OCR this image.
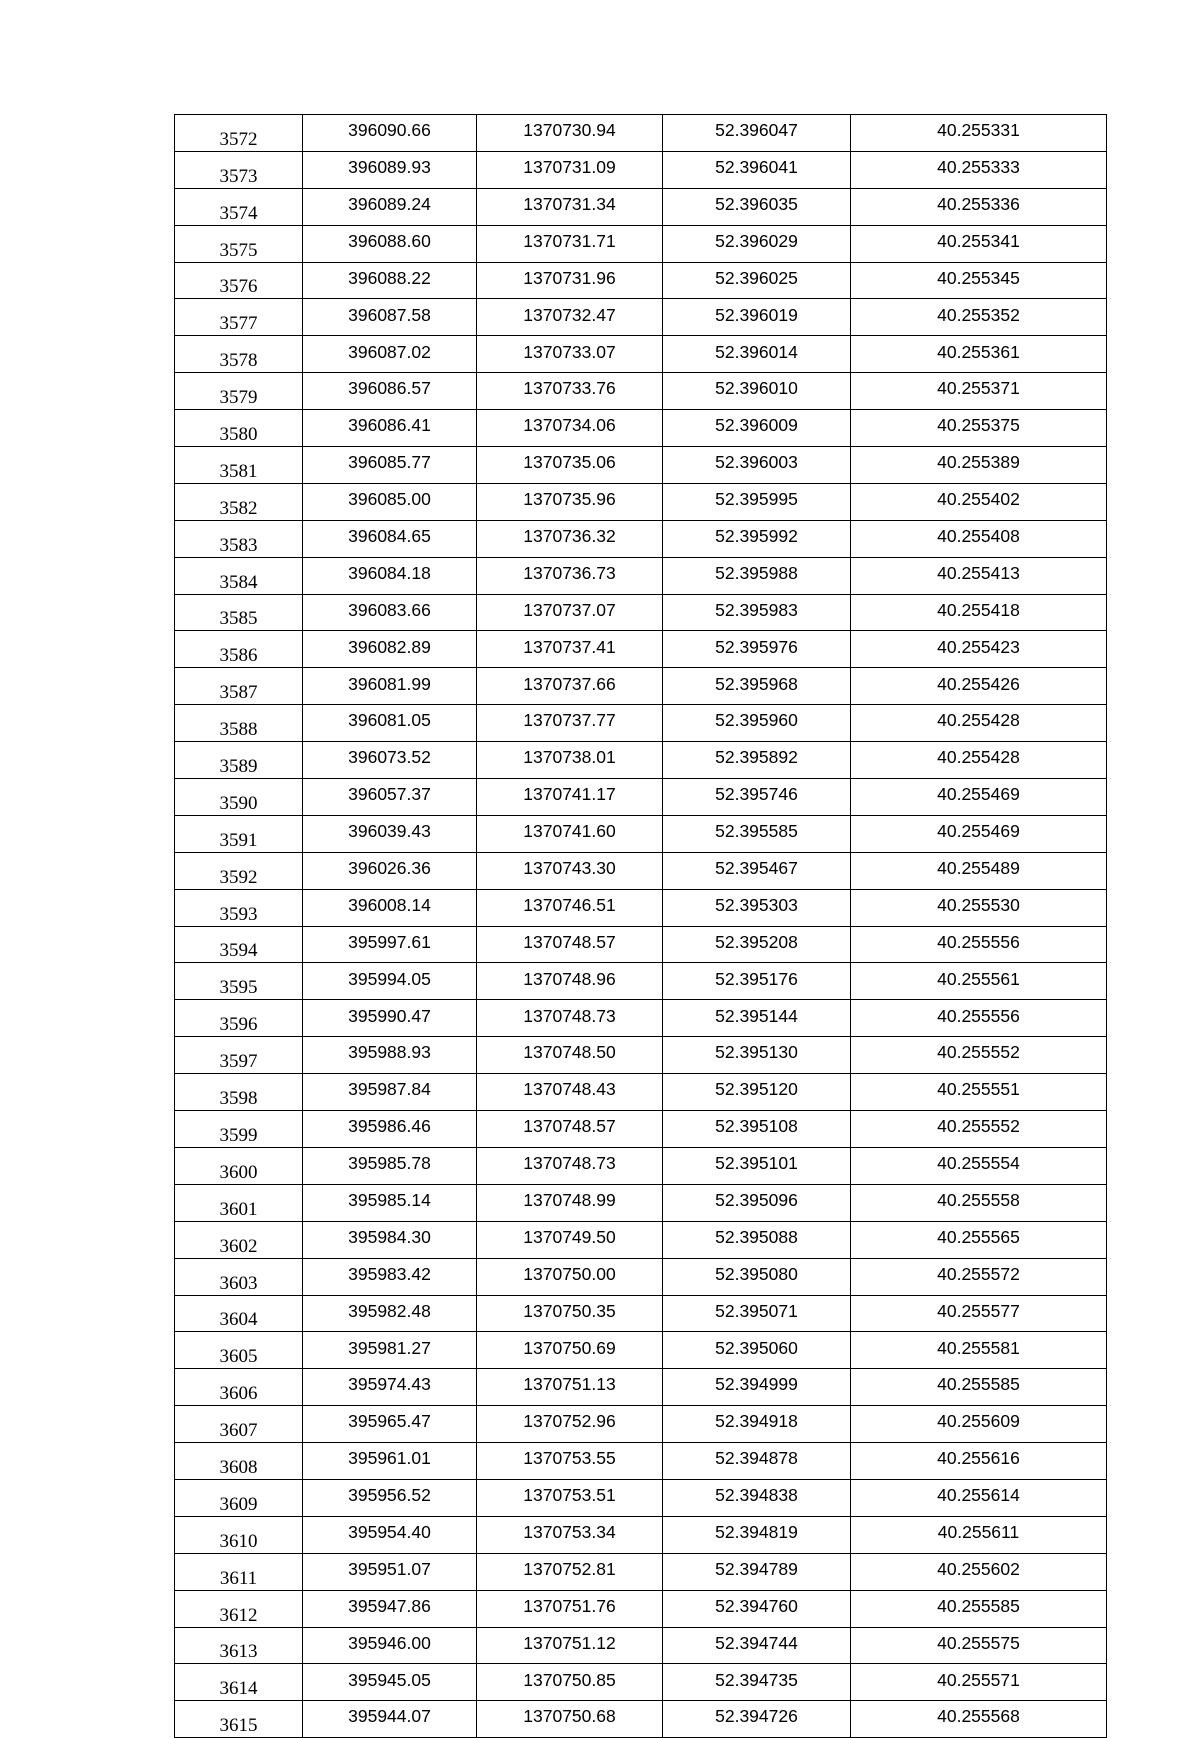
3572	396090.66	1370730.94	52.396047	40.255331
3573	396089.93	1370731.09	52.396041	40.255333
3574	396089.24	1370731.34	52.396035	40.255336
3575	396088.60	1370731.71	52.396029	40.255341
3576	396088.22	1370731.96	52.396025	40.255345
3577	396087.58	1370732.47	52.396019	40.255352
3578	396087.02	1370733.07	52.396014	40.255361
3579	396086.57	1370733.76	52.396010	40.255371
3580	396086.41	1370734.06	52.396009	40.255375
3581	396085.77	1370735.06	52.396003	40.255389
3582	396085.00	1370735.96	52.395995	40.255402
3583	396084.65	1370736.32	52.395992	40.255408
3584	396084.18	1370736.73	52.395988	40.255413
3585	396083.66	1370737.07	52.395983	40.255418
3586	396082.89	1370737.41	52.395976	40.255423
3587	396081.99	1370737.66	52.395968	40.255426
3588	396081.05	1370737.77	52.395960	40.255428
3589	396073.52	1370738.01	52.395892	40.255428
3590	396057.37	1370741.17	52.395746	40.255469
3591	396039.43	1370741.60	52.395585	40.255469
3592	396026.36	1370743.30	52.395467	40.255489
3593	396008.14	1370746.51	52.395303	40.255530
3594	395997.61	1370748.57	52.395208	40.255556
3595	395994.05	1370748.96	52.395176	40.255561
3596	395990.47	1370748.73	52.395144	40.255556
3597	395988.93	1370748.50	52.395130	40.255552
3598	395987.84	1370748.43	52.395120	40.255551
3599	395986.46	1370748.57	52.395108	40.255552
3600	395985.78	1370748.73	52.395101	40.255554
3601	395985.14	1370748.99	52.395096	40.255558
3602	395984.30	1370749.50	52.395088	40.255565
3603	395983.42	1370750.00	52.395080	40.255572
3604	395982.48	1370750.35	52.395071	40.255577
3605	395981.27	1370750.69	52.395060	40.255581
3606	395974.43	1370751.13	52.394999	40.255585
3607	395965.47	1370752.96	52.394918	40.255609
3608	395961.01	1370753.55	52.394878	40.255616
3609	395956.52	1370753.51	52.394838	40.255614
3610	395954.40	1370753.34	52.394819	40.255611
3611	395951.07	1370752.81	52.394789	40.255602
3612	395947.86	1370751.76	52.394760	40.255585
3613	395946.00	1370751.12	52.394744	40.255575
3614	395945.05	1370750.85	52.394735	40.255571
3615	395944.07	1370750.68	52.394726	40.255568
